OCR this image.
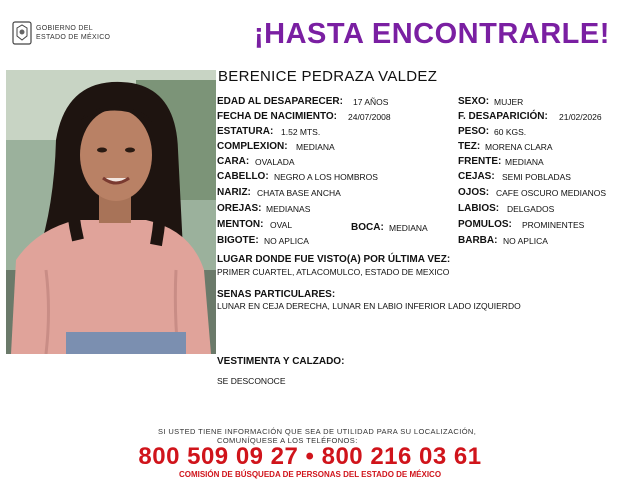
GOBIERNO DEL
ESTADO DE MÉXICO	¡HASTA ENCONTRARLE!
BERENICE PEDRAZA VALDEZ
EDAD AL DESAPARECER: 17 AÑOS
FECHA DE NACIMIENTO: 24/07/2008
ESTATURA: 1.52 MTS.
COMPLEXION: MEDIANA
CARA: OVALADA
CABELLO: NEGRO A LOS HOMBROS
NARIZ: CHATA BASE ANCHA
OREJAS: MEDIANAS
MENTON: OVAL
BIGOTE: NO APLICA
BOCA: MEDIANA
SEXO: MUJER
F. DESAPARICIÓN: 21/02/2026
PESO: 60 KGS.
TEZ: MORENA CLARA
FRENTE: MEDIANA
CEJAS: SEMI POBLADAS
OJOS: CAFE OSCURO MEDIANOS
LABIOS: DELGADOS
POMULOS: PROMINENTES
BARBA: NO APLICA
LUGAR DONDE FUE VISTO(A) POR ÚLTIMA VEZ:
PRIMER CUARTEL, ATLACOMULCO, ESTADO DE MEXICO
SENAS PARTICULARES:
LUNAR EN CEJA DERECHA, LUNAR EN LABIO INFERIOR LADO IZQUIERDO
VESTIMENTA Y CALZADO:
SE DESCONOCE
SI USTED TIENE INFORMACIÓN QUE SEA DE UTILIDAD PARA SU LOCALIZACIÓN,
COMUNÍQUESE A LOS TELÉFONOS:
800 509 09 27 • 800 216 03 61
COMISIÓN DE BÚSQUEDA DE PERSONAS DEL ESTADO DE MÉXICO
